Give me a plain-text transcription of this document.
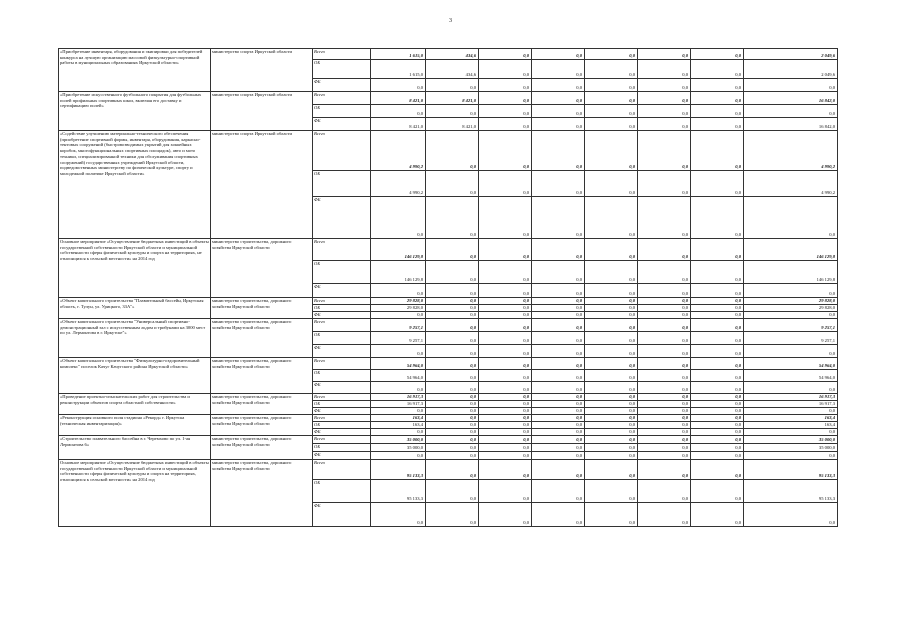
3
«Приобретение инвентаря, оборудования и экипировки для победителей конкурса на лучшую организацию массовой физкультурно-спортивной работы в муниципальных образованиях Иркутской области»	министерство спорта Иркутской области	Всего	1 615,0	434,6	0,0	0,0	0,0	0,0	0,0	2 049,6
		ОБ	1 615,0	434,6	0,0	0,0	0,0	0,0	0,0	2 049,6
		ФБ	0,0	0,0	0,0	0,0	0,0	0,0	0,0	0,0
«Приобретение искусственного футбольного покрытия для футбольных полей профильных спортивных школ, включая его доставку и сертификацию полей»	министерство спорта Иркутской области	Всего	8 421,0	8 421,0	0,0	0,0	0,0	0,0	0,0	16 842,0
		ОБ	0,0	0,0	0,0	0,0	0,0	0,0	0,0	0,0
		ФБ	8 421,0	8 421,0	0,0	0,0	0,0	0,0	0,0	16 842,0
«Содействие улучшению материально-технического обеспечения (приобретение спортивной формы, инвентаря, оборудования, каркасно-тентовых сооружений (быстровозводимых укрытий для хоккейных коробок, многофункциональных спортивных площадок), авто и мото техники, специализированной техники для обслуживания спортивных сооружений) государственных учреждений Иркутской области, подведомственных министерству по физической культуре, спорту и молодежной политике Иркутской области»	министерство спорта Иркутской области	Всего	4 990,2	0,0	0,0	0,0	0,0	0,0	0,0	4 990,2
		ОБ	4 990,2	0,0	0,0	0,0	0,0	0,0	0,0	4 990,2
		ФБ	0,0	0,0	0,0	0,0	0,0	0,0	0,0	0,0
Основное мероприятие «Осуществление бюджетных инвестиций в объекты государственной собственности Иркутской области и муниципальной собственности сферы физической культуры и спорта на территориях, не относящихся к сельской местности» на 2014 год	министерство строительства, дорожного хозяйства Иркутской области	Всего	146 129,8	0,0	0,0	0,0	0,0	0,0	0,0	146 129,8
		ОБ	146 129,8	0,0	0,0	0,0	0,0	0,0	0,0	146 129,8
		ФБ	0,0	0,0	0,0	0,0	0,0	0,0	0,0	0,0
«Объект капитального строительства "Плавательный бассейн, Иркутская область, г. Тулун, ул. Урицкого, 33А"»	министерство строительства, дорожного хозяйства Иркутской области	Всего	29 828,0	0,0	0,0	0,0	0,0	0,0	0,0	29 828,0
		ОБ	29 828,0	0,0	0,0	0,0	0,0	0,0	0,0	29 828,0
		ФБ	0,0	0,0	0,0	0,0	0,0	0,0	0,0	0,0
«Объект капитального строительства "Универсальный спортивно-демонстрационный зал с искусственным льдом и трибунами на 3000 мест по ул. Лермонтова в г. Иркутске"»	министерство строительства, дорожного хозяйства Иркутской области	Всего	9 257,1	0,0	0,0	0,0	0,0	0,0	0,0	9 257,1
		ОБ	9 257,1	0,0	0,0	0,0	0,0	0,0	0,0	9 257,1
		ФБ	0,0	0,0	0,0	0,0	0,0	0,0	0,0	0,0
«Объект капитального строительства "Физкультурно-оздоровительный комплекс" поселок Качуг Качугского района Иркутской области»	министерство строительства, дорожного хозяйства Иркутской области	Всего	54 964,0	0,0	0,0	0,0	0,0	0,0	0,0	54 964,0
		ОБ	54 964,0	0,0	0,0	0,0	0,0	0,0	0,0	54 964,0
		ФБ	0,0	0,0	0,0	0,0	0,0	0,0	0,0	0,0
«Проведение проектно-изыскательских работ для строительства и реконструкции объектов спорта областной собственности»	министерство строительства, дорожного хозяйства Иркутской области	Всего	16 917,3	0,0	0,0	0,0	0,0	0,0	0,0	16 917,3
		ОБ	16 917,3	0,0	0,0	0,0	0,0	0,0	0,0	16 917,3
		ФБ	0,0	0,0	0,0	0,0	0,0	0,0	0,0	0,0
«Реконструкция основного поля стадиона «Рекорд» г. Иркутска (техническая инвентаризация)»	министерство строительства, дорожного хозяйства Иркутской области	Всего	163,4	0,0	0,0	0,0	0,0	0,0	0,0	163,4
		ОБ	163,4	0,0	0,0	0,0	0,0	0,0	0,0	163,4
		ФБ	0,0	0,0	0,0	0,0	0,0	0,0	0,0	0,0
«Строительство плавательного бассейна в г. Черемхово по ул. 1-ая Лермонтова 6»	министерство строительства, дорожного хозяйства Иркутской области	Всего	35 000,0	0,0	0,0	0,0	0,0	0,0	0,0	35 000,0
		ОБ	35 000,0	0,0	0,0	0,0	0,0	0,0	0,0	35 000,0
		ФБ	0,0	0,0	0,0	0,0	0,0	0,0	0,0	0,0
Основное мероприятие «Осуществление бюджетных инвестиций в объекты государственной собственности Иркутской области и муниципальной собственности сферы физической культуры и спорта на территориях, относящихся к сельской местности» на 2014 год	министерство строительства, дорожного хозяйства Иркутской области	Всего	95 133,3	0,0	0,0	0,0	0,0	0,0	0,0	95 133,3
		ОБ	95 133,3	0,0	0,0	0,0	0,0	0,0	0,0	95 133,3
		ФБ	0,0	0,0	0,0	0,0	0,0	0,0	0,0	0,0
